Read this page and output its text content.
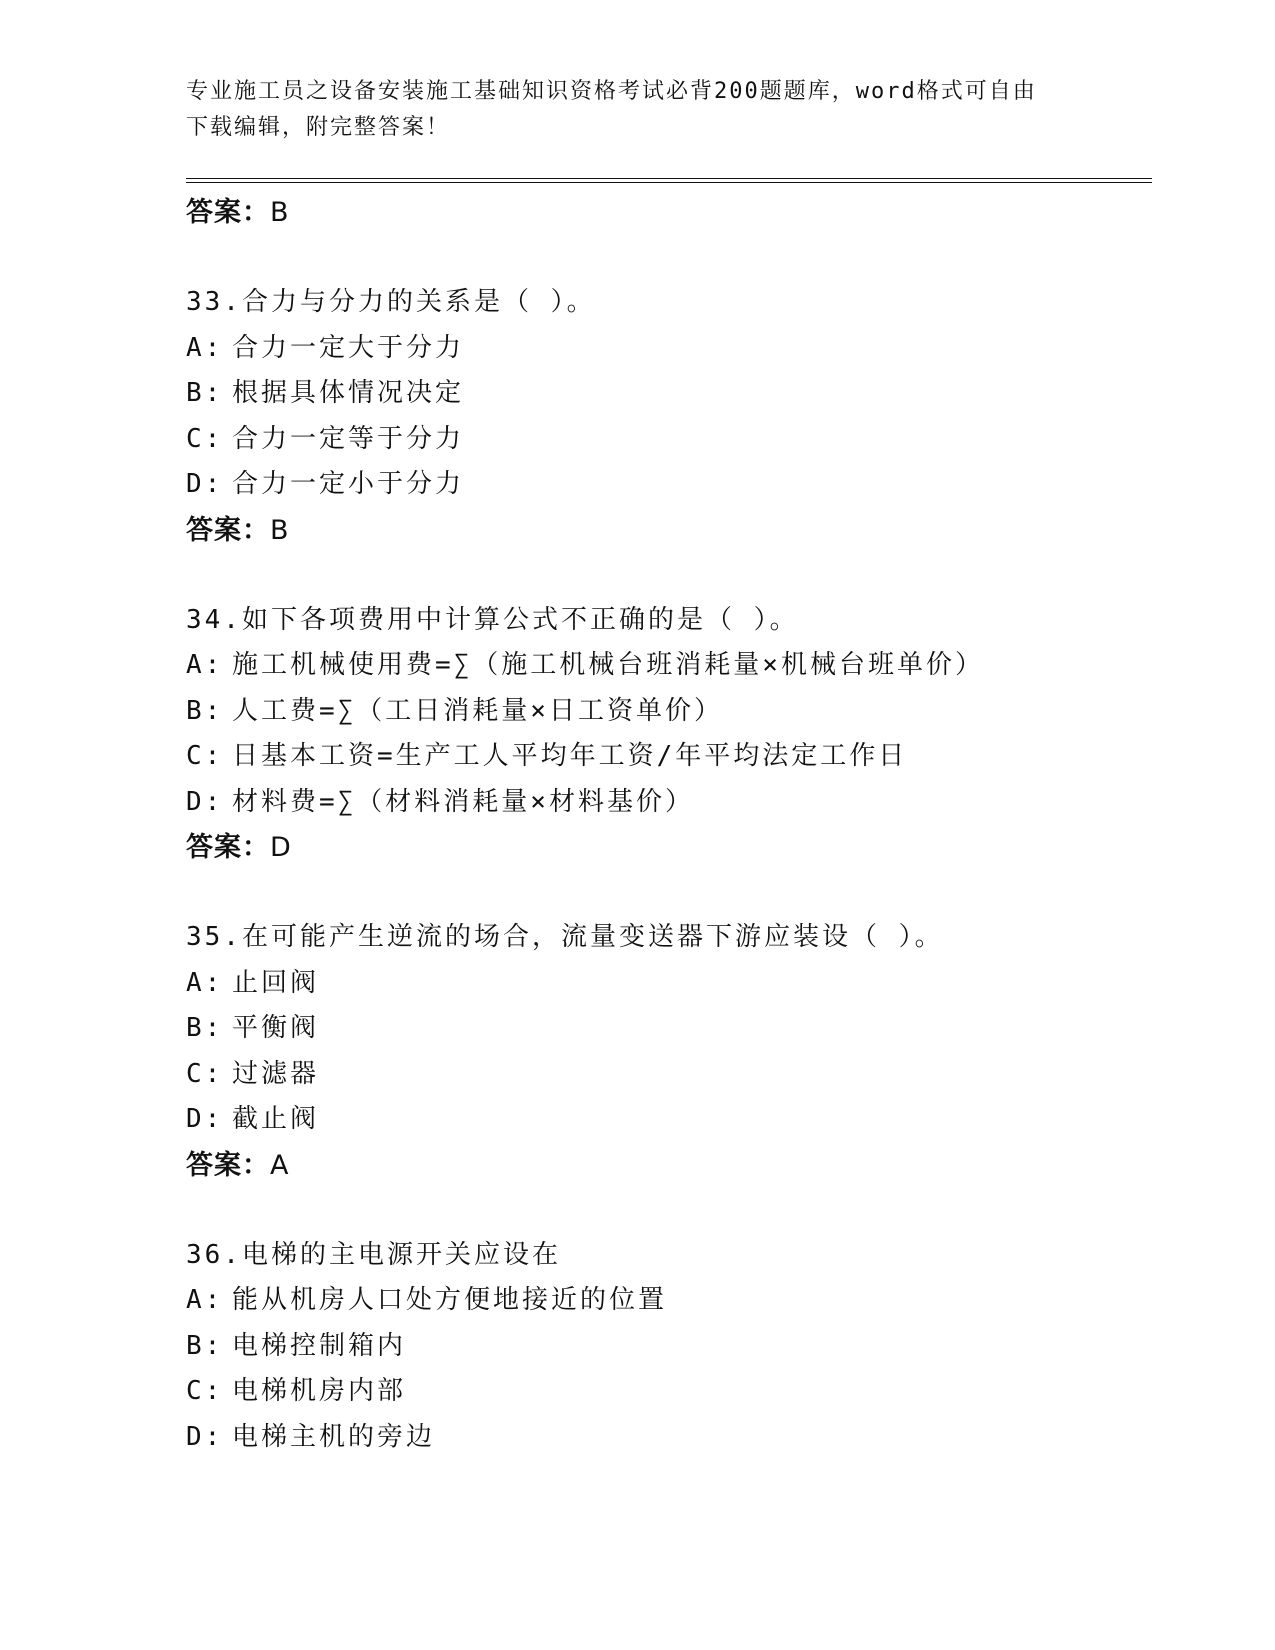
专业施工员之设备安装施工基础知识资格考试必背200题题库，word格式可自由
下载编辑，附完整答案！
答案：B
33.合力与分力的关系是（ ）。
A: 合力一定大于分力
B: 根据具体情况决定
C: 合力一定等于分力
D: 合力一定小于分力
答案：B
34.如下各项费用中计算公式不正确的是（ ）。
A: 施工机械使用费=∑（施工机械台班消耗量×机械台班单价）
B: 人工费=∑（工日消耗量×日工资单价）
C: 日基本工资=生产工人平均年工资/年平均法定工作日
D: 材料费=∑（材料消耗量×材料基价）
答案：D
35.在可能产生逆流的场合，流量变送器下游应装设（ ）。
A: 止回阀
B: 平衡阀
C: 过滤器
D: 截止阀
答案：A
36.电梯的主电源开关应设在
A: 能从机房人口处方便地接近的位置
B: 电梯控制箱内
C: 电梯机房内部
D: 电梯主机的旁边
